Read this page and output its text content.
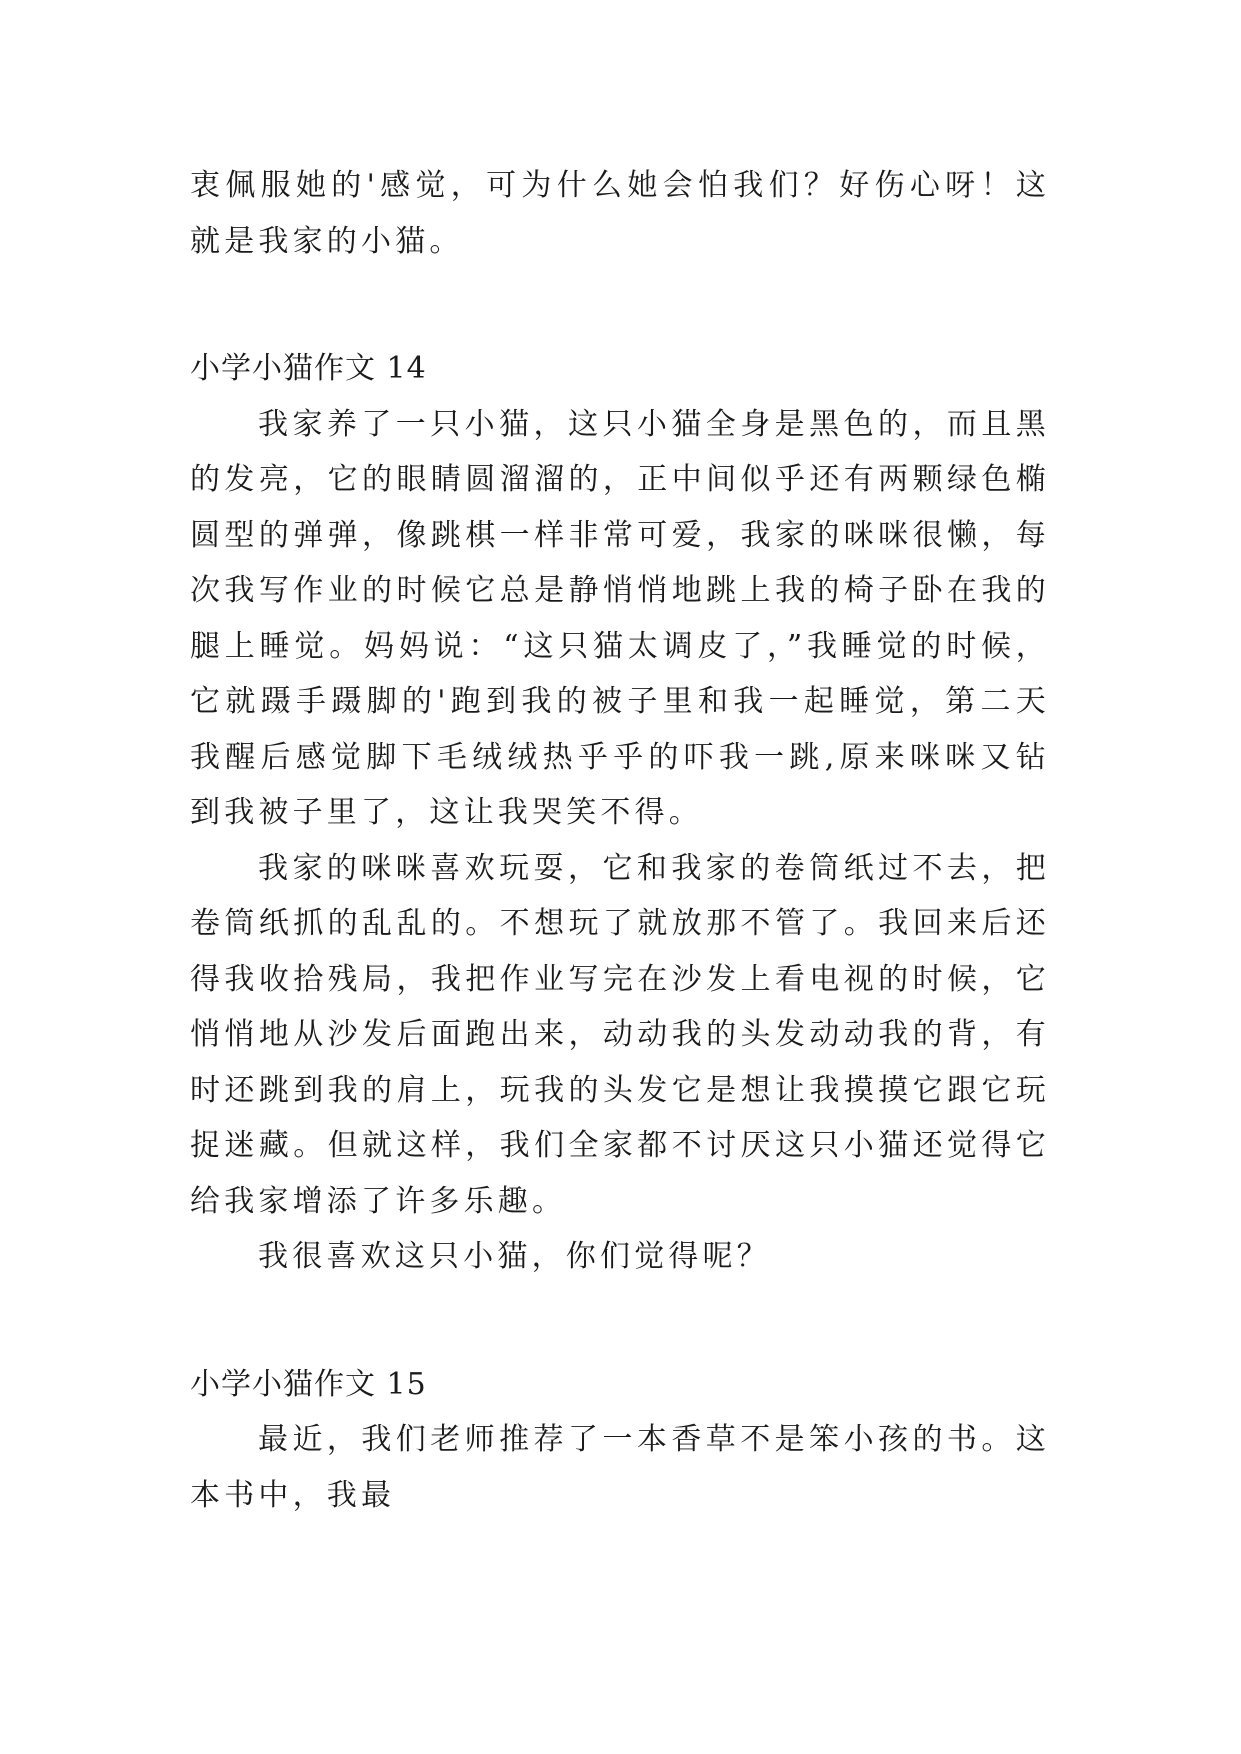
衷佩服她的'感觉，可为什么她会怕我们？好伤心呀！这就是我家的小猫。

小学小猫作文 14

我家养了一只小猫，这只小猫全身是黑色的，而且黑的发亮，它的眼睛圆溜溜的，正中间似乎还有两颗绿色椭圆型的弹弹，像跳棋一样非常可爱，我家的咪咪很懒，每次我写作业的时候它总是静悄悄地跳上我的椅子卧在我的腿上睡觉。妈妈说：“这只猫太调皮了，”我睡觉的时候，它就蹑手蹑脚的'跑到我的被子里和我一起睡觉，第二天我醒后感觉脚下毛绒绒热乎乎的吓我一跳,原来咪咪又钻到我被子里了，这让我哭笑不得。

我家的咪咪喜欢玩耍，它和我家的卷筒纸过不去，把卷筒纸抓的乱乱的。不想玩了就放那不管了。我回来后还得我收拾残局，我把作业写完在沙发上看电视的时候，它悄悄地从沙发后面跑出来，动动我的头发动动我的背，有时还跳到我的肩上，玩我的头发它是想让我摸摸它跟它玩捉迷藏。但就这样，我们全家都不讨厌这只小猫还觉得它给我家增添了许多乐趣。

我很喜欢这只小猫，你们觉得呢？

小学小猫作文 15

最近，我们老师推荐了一本香草不是笨小孩的书。这本书中，我最
